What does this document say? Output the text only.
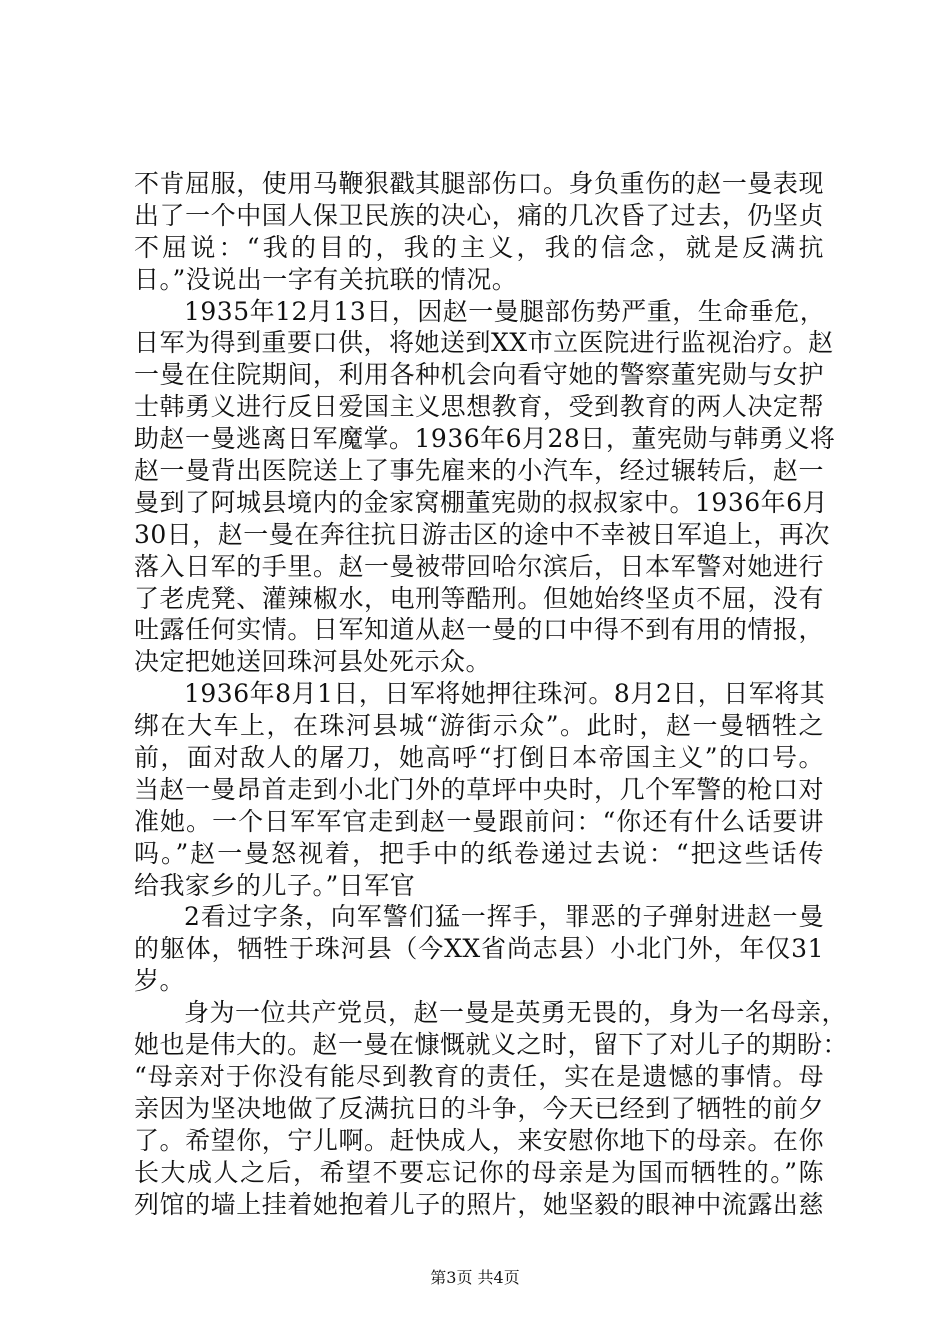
不肯屈服，使用马鞭狠戳其腿部伤口。身负重伤的赵一曼表现
出了一个中国人保卫民族的决心，痛的几次昏了过去，仍坚贞
不屈说：“我的目的，我的主义，我的信念，就是反满抗
日。”没说出一字有关抗联的情况。
1935年12月13日，因赵一曼腿部伤势严重，生命垂危，
日军为得到重要口供，将她送到XX市立医院进行监视治疗。赵
一曼在住院期间，利用各种机会向看守她的警察董宪勋与女护
士韩勇义进行反日爱国主义思想教育，受到教育的两人决定帮
助赵一曼逃离日军魔掌。1936年6月28日，董宪勋与韩勇义将
赵一曼背出医院送上了事先雇来的小汽车，经过辗转后，赵一
曼到了阿城县境内的金家窝棚董宪勋的叔叔家中。1936年6月
30日，赵一曼在奔往抗日游击区的途中不幸被日军追上，再次
落入日军的手里。赵一曼被带回哈尔滨后，日本军警对她进行
了老虎凳、灌辣椒水，电刑等酷刑。但她始终坚贞不屈，没有
吐露任何实情。日军知道从赵一曼的口中得不到有用的情报，
决定把她送回珠河县处死示众。
1936年8月1日，日军将她押往珠河。8月2日，日军将其
绑在大车上，在珠河县城“游街示众”。此时，赵一曼牺牲之
前，面对敌人的屠刀，她高呼“打倒日本帝国主义”的口号。
当赵一曼昂首走到小北门外的草坪中央时，几个军警的枪口对
准她。一个日军军官走到赵一曼跟前问：“你还有什么话要讲
吗。”赵一曼怒视着，把手中的纸卷递过去说：“把这些话传
给我家乡的儿子。”日军官
2看过字条，向军警们猛一挥手，罪恶的子弹射进赵一曼
的躯体，牺牲于珠河县（今XX省尚志县）小北门外，年仅31
岁。
身为一位共产党员，赵一曼是英勇无畏的，身为一名母亲，
她也是伟大的。赵一曼在慷慨就义之时，留下了对儿子的期盼：
“母亲对于你没有能尽到教育的责任，实在是遗憾的事情。母
亲因为坚决地做了反满抗日的斗争，今天已经到了牺牲的前夕
了。希望你，宁儿啊。赶快成人，来安慰你地下的母亲。在你
长大成人之后，希望不要忘记你的母亲是为国而牺牲的。”陈
列馆的墙上挂着她抱着儿子的照片，她坚毅的眼神中流露出慈
第3页 共4页
